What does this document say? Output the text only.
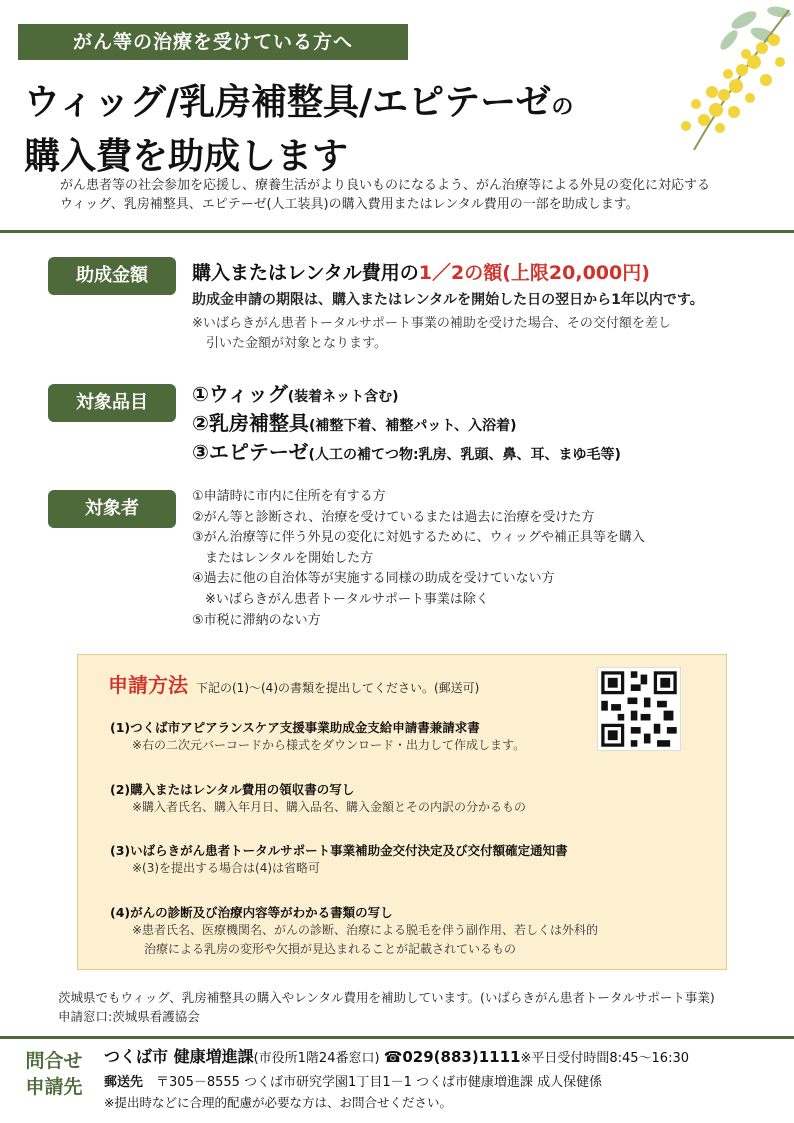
がん等の治療を受けている方へ
ウィッグ/乳房補整具/エピテーゼの
購入費を助成します
がん患者等の社会参加を応援し、療養生活がより良いものになるよう、がん治療等による外見の変化に対応する
ウィッグ、乳房補整具、エピテーゼ(人工装具)の購入費用またはレンタル費用の一部を助成します。
助成金額	購入またはレンタル費用の1／2の額(上限20,000円)
助成金申請の期限は、購入またはレンタルを開始した日の翌日から1年以内です。
※いばらきがん患者トータルサポート事業の補助を受けた場合、その交付額を差し
引いた金額が対象となります。
対象品目	①ウィッグ(装着ネット含む)
②乳房補整具(補整下着、補整パット、入浴着)
③エピテーゼ(人工の補てつ物:乳房、乳頭、鼻、耳、まゆ毛等)
対象者
①申請時に市内に住所を有する方
②がん等と診断され、治療を受けているまたは過去に治療を受けた方
③がん治療等に伴う外見の変化に対処するために、ウィッグや補正具等を購入
　またはレンタルを開始した方
④過去に他の自治体等が実施する同様の助成を受けていない方
　※いばらきがん患者トータルサポート事業は除く
⑤市税に滞納のない方
申請方法 下記の(1)～(4)の書類を提出してください。(郵送可)
(1)つくば市アピアランスケア支援事業助成金支給申請書兼請求書
※右の二次元バーコードから様式をダウンロード・出力して作成します。
(2)購入またはレンタル費用の領収書の写し
※購入者氏名、購入年月日、購入品名、購入金額とその内訳の分かるもの
(3)いばらきがん患者トータルサポート事業補助金交付決定及び交付額確定通知書
※(3)を提出する場合は(4)は省略可
(4)がんの診断及び治療内容等がわかる書類の写し
※患者氏名、医療機関名、がんの診断、治療による脱毛を伴う副作用、若しくは外科的
　治療による乳房の変形や欠損が見込まれることが記載されているもの
茨城県でもウィッグ、乳房補整具の購入やレンタル費用を補助しています。(いばらきがん患者トータルサポート事業)
申請窓口:茨城県看護協会
問合せ
申請先
つくば市 健康増進課(市役所1階24番窓口) ☎029(883)1111※平日受付時間8:45～16:30
郵送先　 〒305－8555 つくば市研究学園1丁目1－1 つくば市健康増進課 成人保健係
※提出時などに合理的配慮が必要な方は、お問合せください。
